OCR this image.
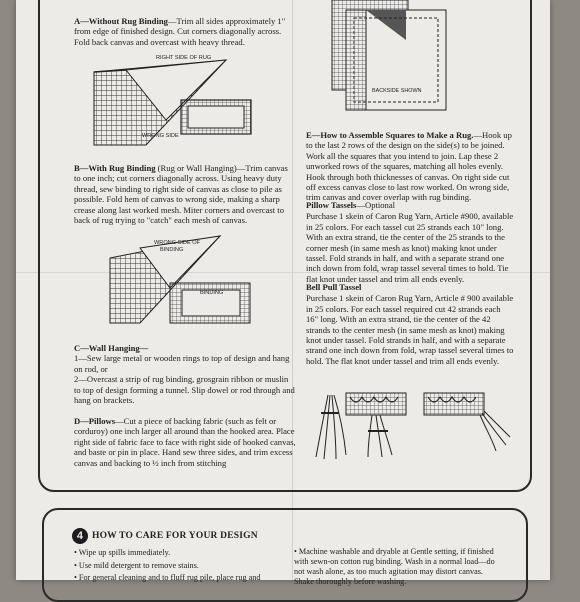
A—Without Rug Binding—Trim all sides approximately 1" from edge of finished design. Cut corners diagonally across. Fold back canvas and overcast with heavy thread.

RIGHT SIDE OF RUG
WRONG SIDE

B—With Rug Binding (Rug or Wall Hanging)—Trim canvas to one inch; cut corners diagonally across. Using heavy duty thread, sew binding to right side of canvas as close to pile as possible. Fold hem of canvas to wrong side, making a sharp crease along last worked mesh. Miter corners and overcast to back of rug trying to "catch" each mesh of canvas.

WRONG SIDE OF
BINDING
BINDING

C—Wall Hanging—

1—Sew large metal or wooden rings to top of design and hang on rod, or

2—Overcast a strip of rug binding, grosgrain ribbon or muslin to top of design forming a tunnel. Slip dowel or rod through and hang on brackets.

D—Pillows—Cut a piece of backing fabric (such as felt or corduroy) one inch larger all around than the hooked area. Place right side of fabric face to face with right side of hooked canvas, and baste or pin in place. Hand sew three sides, and trim excess canvas and backing to ½ inch from stitching

BACKSIDE SHOWN

E—How to Assemble Squares to Make a Rug.—Hook up to the last 2 rows of the design on the side(s) to be joined. Work all the squares that you intend to join. Lap these 2 unworked rows of the squares, matching all holes evenly. Hook through both thicknesses of canvas. On right side cut off excess canvas close to last row worked. On wrong side, trim canvas and cover overlap with rug binding.

Pillow Tassels—Optional

Purchase 1 skein of Caron Rug Yarn, Article #900, available in 25 colors. For each tassel cut 25 strands each 10" long. With an extra strand, tie the center of the 25 strands to the corner mesh (in same mesh as knot) making knot under tassel. Fold strands in half, and with a separate strand one inch down from fold, wrap tassel several times to hold. Tie flat knot under tassel and trim all ends evenly.

Bell Pull Tassel

Purchase 1 skein of Caron Rug Yarn, Article # 900 available in 25 colors. For each tassel required cut 42 strands each 16" long. With an extra strand, tie the center of the 42 strands to the center mesh (in same mesh as knot) making knot under tassel. Fold strands in half, and with a separate strand one inch down from fold, wrap tassel several times to hold. The flat knot under tassel and trim all ends evenly.

4 HOW TO CARE FOR YOUR DESIGN
• Wipe up spills immediately.
• Use mild detergent to remove stains.
• For general cleaning and to fluff rug pile, place rug and
• Machine washable and dryable at Gentle setting, if finished with sewn-on cotton rug binding. Wash in a normal load—do not wash alone, as too much agitation may distort canvas. Shake thoroughly before washing.
